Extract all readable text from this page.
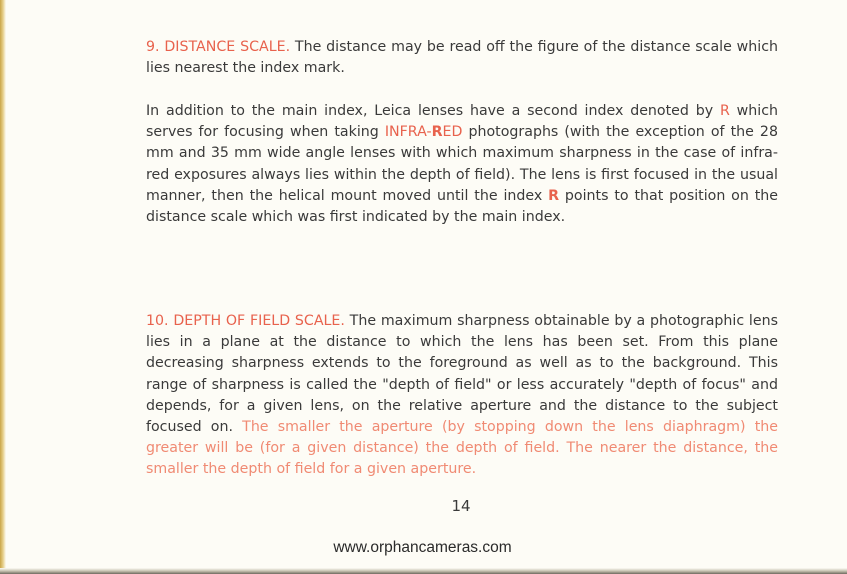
9. DISTANCE SCALE. The distance may be read off the figure of the distance scale which lies nearest the index mark.

In addition to the main index, Leica lenses have a second index denoted by R which serves for focusing when taking INFRA-RED photographs (with the exception of the 28 mm and 35 mm wide angle lenses with which maximum sharpness in the case of infra-red exposures always lies within the depth of field). The lens is first focused in the usual manner, then the helical mount moved until the index R points to that position on the distance scale which was first indicated by the main index.

10. DEPTH OF FIELD SCALE. The maximum sharpness obtainable by a photographic lens lies in a plane at the distance to which the lens has been set. From this plane decreasing sharpness extends to the foreground as well as to the background. This range of sharpness is called the "depth of field" or less accurately "depth of focus" and depends, for a given lens, on the relative aperture and the distance to the subject focused on. The smaller the aperture (by stopping down the lens diaphragm) the greater will be (for a given distance) the depth of field. The nearer the distance, the smaller the depth of field for a given aperture.

14
www.orphancameras.com
